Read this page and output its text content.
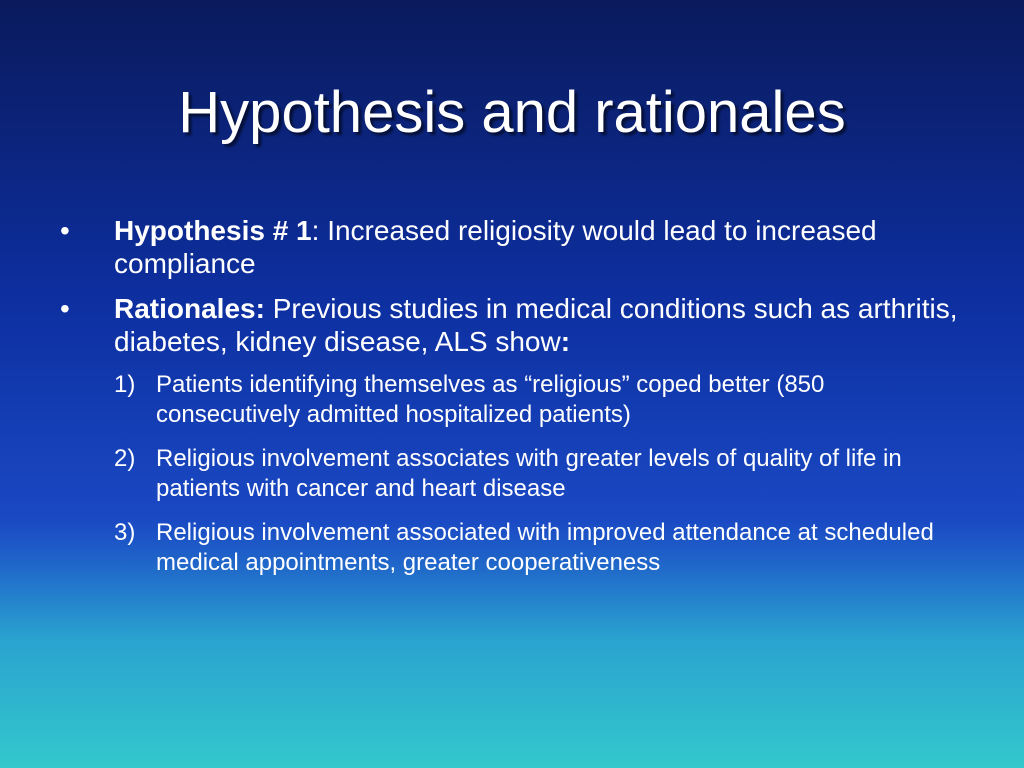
Hypothesis and rationales
•	Hypothesis # 1: Increased religiosity would lead to increased compliance
•	Rationales: Previous studies in medical conditions such as arthritis, diabetes, kidney disease, ALS show:
1) Patients identifying themselves as “religious” coped better (850 consecutively admitted hospitalized patients)
2) Religious involvement associates with greater levels of quality of life in patients with cancer and heart disease
3) Religious involvement associated with improved attendance at scheduled medical appointments, greater cooperativeness
